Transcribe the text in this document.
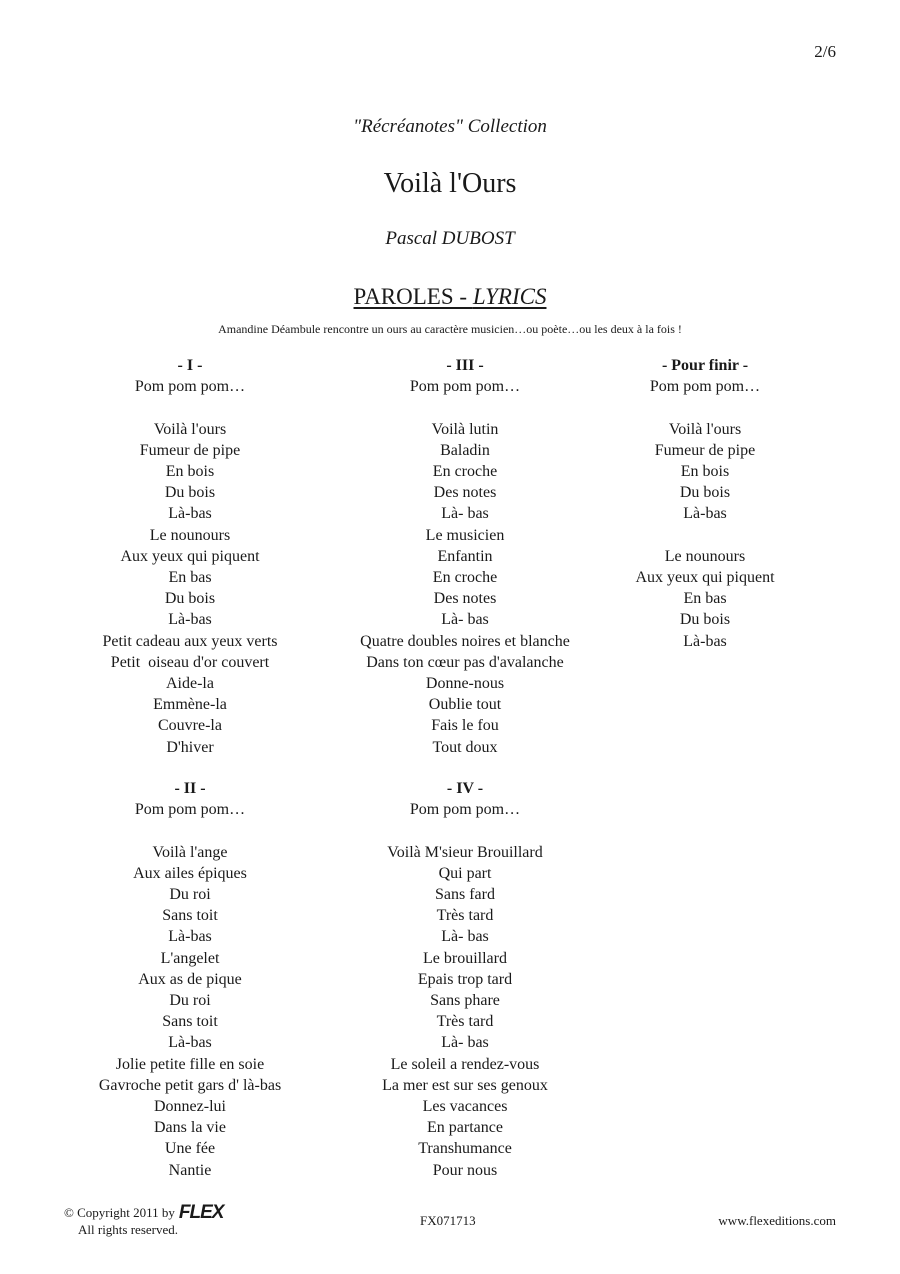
2/6
"Récréanotes" Collection
Voilà l'Ours
Pascal DUBOST
PAROLES - LYRICS
Amandine Déambule rencontre un ours au caractère musicien…ou poète…ou les deux à la fois !
- I -
Pom pom pom…
Voilà l'ours
Fumeur de pipe
En bois
Du bois
Là-bas
Le nounours
Aux yeux qui piquent
En bas
Du bois
Là-bas
Petit cadeau aux yeux verts
Petit  oiseau d'or couvert
Aide-la
Emmène-la
Couvre-la
D'hiver
- II -
Pom pom pom…
Voilà l'ange
Aux ailes épiques
Du roi
Sans toit
Là-bas
L'angelet
Aux as de pique
Du roi
Sans toit
Là-bas
Jolie petite fille en soie
Gavroche petit gars d' là-bas
Donnez-lui
Dans la vie
Une fée
Nantie
- III -
Pom pom pom…
Voilà lutin
Baladin
En croche
Des notes
Là- bas
Le musicien
Enfantin
En croche
Des notes
Là- bas
Quatre doubles noires et blanche
Dans ton cœur pas d'avalanche
Donne-nous
Oublie tout
Fais le fou
Tout doux
- IV -
Pom pom pom…
Voilà M'sieur Brouillard
Qui part
Sans fard
Très tard
Là- bas
Le brouillard
Epais trop tard
Sans phare
Très tard
Là- bas
Le soleil a rendez-vous
La mer est sur ses genoux
Les vacances
En partance
Transhumance
Pour nous
- Pour finir -
Pom pom pom…
Voilà l'ours
Fumeur de pipe
En bois
Du bois
Là-bas
Le nounours
Aux yeux qui piquent
En bas
Du bois
Là-bas
© Copyright 2011 by FLEX
All rights reserved.
FX071713	www.flexeditions.com
